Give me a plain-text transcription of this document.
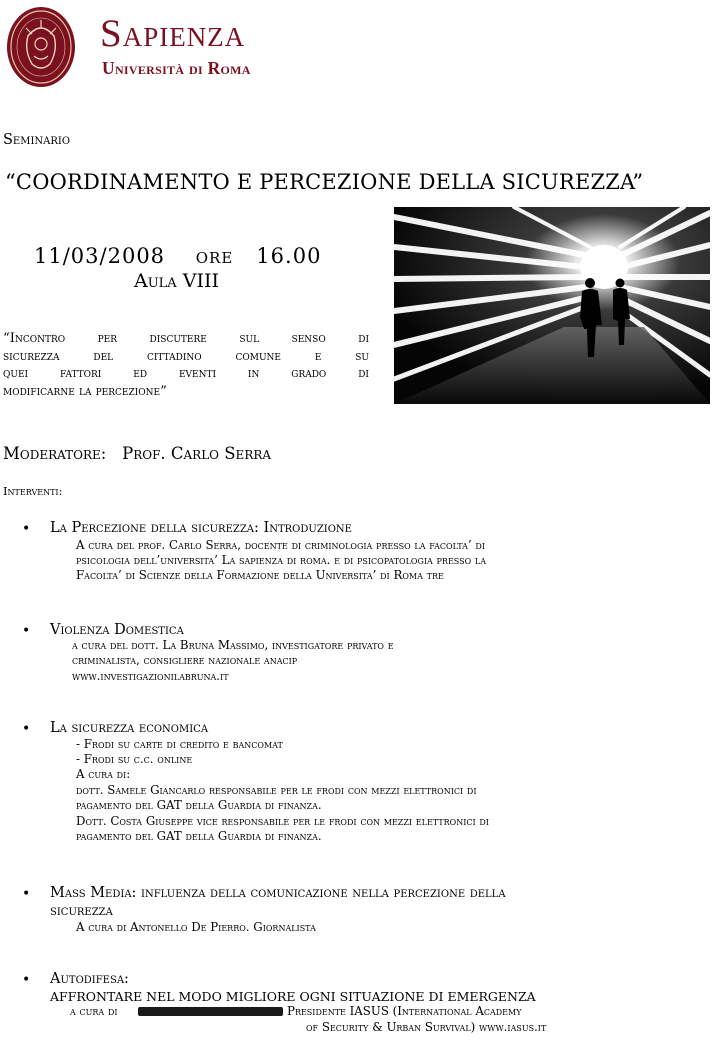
Sapienza
Università di Roma
Seminario
“COORDINAMENTO E PERCEZIONE DELLA SICUREZZA”
11/03/2008    ore   16.00
Aula VIII
“Incontro per discutere sul senso di
sicurezza del cittadino comune e su
quei fattori ed eventi in grado di
modificarne la percezione”
Moderatore:   Prof. Carlo Serra
Interventi:
• La Percezione della sicurezza: Introduzione
A cura del prof. Carlo Serra, docente di criminologia presso la facolta’ di
psicologia dell’universita’ La sapienza di roma. e di psicopatologia presso la
Facolta’ di Scienze della Formazione della Universita’ di Roma tre
• Violenza Domestica
a cura del dott. La Bruna Massimo, investigatore privato e
criminalista, consigliere nazionale anacip
www.investigazionilabruna.it
• La sicurezza economica
- Frodi su carte di credito e bancomat
- Frodi su c.c. online
A cura di:
dott. Samele Giancarlo responsabile per le frodi con mezzi elettronici di
pagamento del GAT della Guardia di finanza.
Dott. Costa Giuseppe vice responsabile per le frodi con mezzi elettronici di
pagamento del GAT della Guardia di finanza.
• Mass Media: influenza della comunicazione nella percezione della
sicurezza
A cura di Antonello De Pierro. Giornalista
• Autodifesa:
AFFRONTARE NEL MODO MIGLIORE OGNI SITUAZIONE DI EMERGENZA
a cura di	Presidente IASUS (International Academy
of Security & Urban Survival) www.iasus.it
